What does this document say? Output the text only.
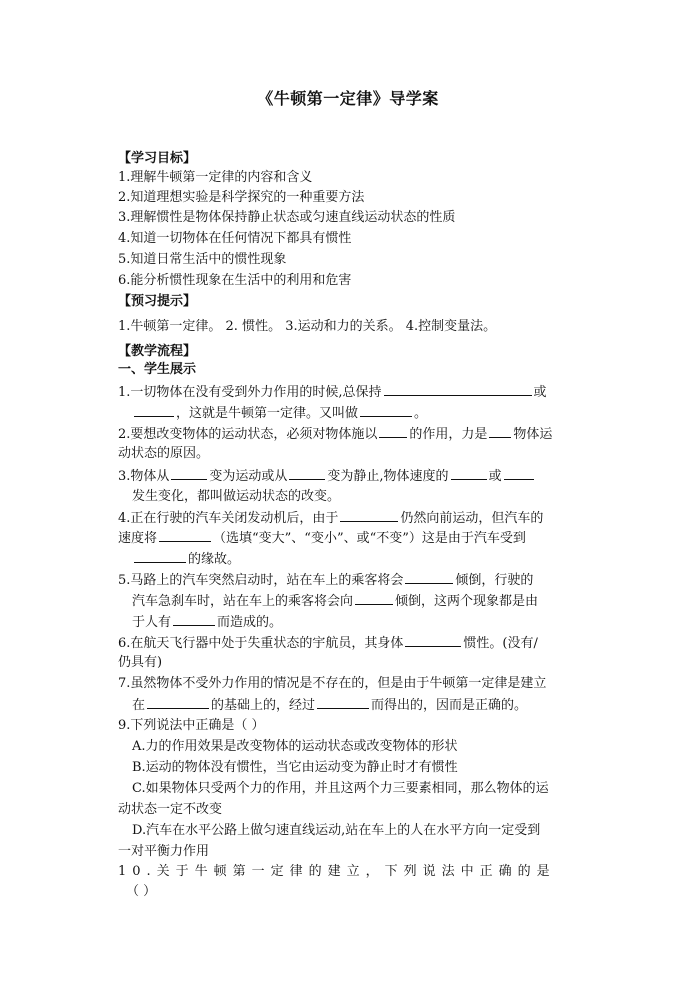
《牛顿第一定律》导学案
【学习目标】
1.理解牛顿第一定律的内容和含义
2.知道理想实验是科学探究的一种重要方法
3.理解惯性是物体保持静止状态或匀速直线运动状态的性质
4.知道一切物体在任何情况下都具有惯性
5.知道日常生活中的惯性现象
6.能分析惯性现象在生活中的利用和危害
【预习提示】
1.牛顿第一定律。 2. 惯性。 3.运动和力的关系。 4.控制变量法。
【教学流程】
一、学生展示
1.一切物体在没有受到外力作用的时候,总保持	或
，这就是牛顿第一定律。又叫做	。
2.要想改变物体的运动状态，必须对物体施以 的作用，力是 物体运
动状态的原因。
3.物体从	变为运动或从	变为静止,物体速度的	或
发生变化，都叫做运动状态的改变。
4.正在行驶的汽车关闭发动机后，由于	仍然向前运动，但汽车的
速度将	（选填“变大”、“变小”、或“不变”）这是由于汽车受到
的缘故。
5.马路上的汽车突然启动时，站在车上的乘客将会	倾倒，行驶的
汽车急刹车时，站在车上的乘客将会向	倾倒，这两个现象都是由
于人有	而造成的。
6.在航天飞行器中处于失重状态的宇航员，其身体	惯性。(没有/
仍具有)
7.虽然物体不受外力作用的情况是不存在的，但是由于牛顿第一定律是建立
在	的基础上的，经过	而得出的，因而是正确的。
9.下列说法中正确是（ ）
A.力的作用效果是改变物体的运动状态或改变物体的形状
B.运动的物体没有惯性，当它由运动变为静止时才有惯性
C.如果物体只受两个力的作用，并且这两个力三要素相同，那么物体的运
动状态一定不改变
D.汽车在水平公路上做匀速直线运动,站在车上的人在水平方向一定受到
一对平衡力作用
10.关于牛顿第一定律的建立，下列说法中正确的是
（ ）
